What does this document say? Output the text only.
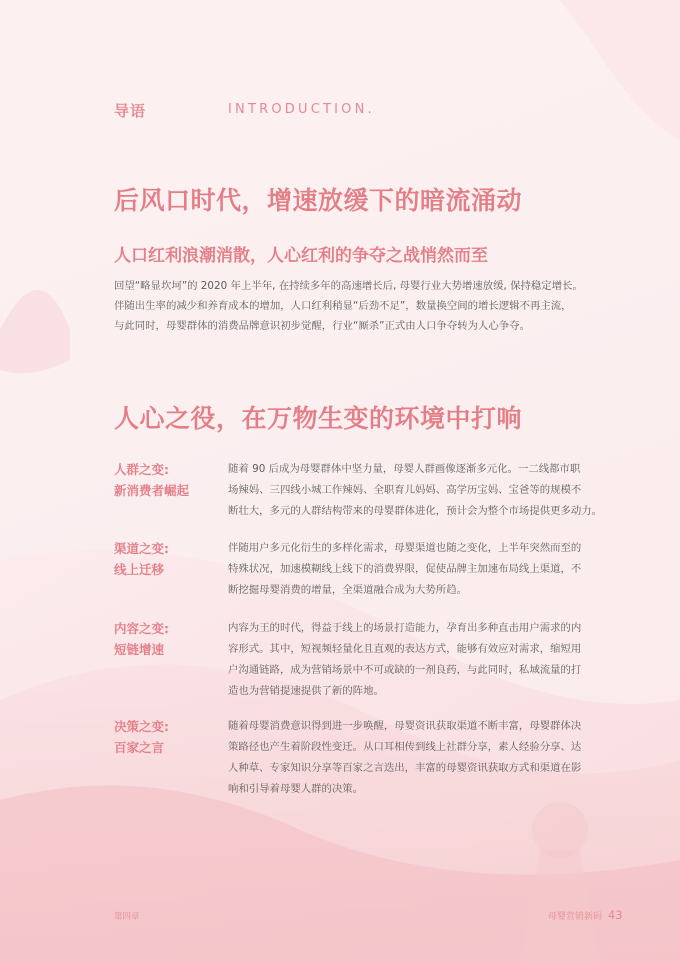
导语	INTRODUCTION.
后风口时代，增速放缓下的暗流涌动
人口红利浪潮消散，人心红利的争夺之战悄然而至
回望“略显坎坷”的 2020 年上半年, 在持续多年的高速增长后, 母婴行业大势增速放缓, 保持稳定增长。
伴随出生率的减少和养育成本的增加，人口红利稍显“后劲不足”，数量换空间的增长逻辑不再主流，
与此同时，母婴群体的消费品牌意识初步觉醒，行业“厮杀”正式由人口争夺转为人心争夺。
人心之役，在万物生变的环境中打响
人群之变:
新消费者崛起
随着 90 后成为母婴群体中坚力量，母婴人群画像逐渐多元化。一二线都市职
场辣妈、三四线小城工作辣妈、全职育儿妈妈、高学历宝妈、宝爸等的规模不
断壮大，多元的人群结构带来的母婴群体进化，预计会为整个市场提供更多动力。
渠道之变:
线上迁移
伴随用户多元化衍生的多样化需求，母婴渠道也随之变化，上半年突然而至的
特殊状况，加速模糊线上线下的消费界限，促使品牌主加速布局线上渠道，不
断挖掘母婴消费的增量，全渠道融合成为大势所趋。
内容之变:
短链增速
内容为王的时代，得益于线上的场景打造能力，孕育出多种直击用户需求的内
容形式。其中，短视频轻量化且直观的表达方式，能够有效应对需求，缩短用
户沟通链路，成为营销场景中不可或缺的一剂良药，与此同时，私域流量的打
造也为营销提速提供了新的阵地。
决策之变:
百家之言
随着母婴消费意识得到进一步唤醒，母婴资讯获取渠道不断丰富，母婴群体决
策路径也产生着阶段性变迁。从口耳相传到线上社群分享，素人经验分享、达
人种草、专家知识分享等百家之言迭出，丰富的母婴资讯获取方式和渠道在影
响和引导着母婴人群的决策。
第四章	母婴营销新码 43
